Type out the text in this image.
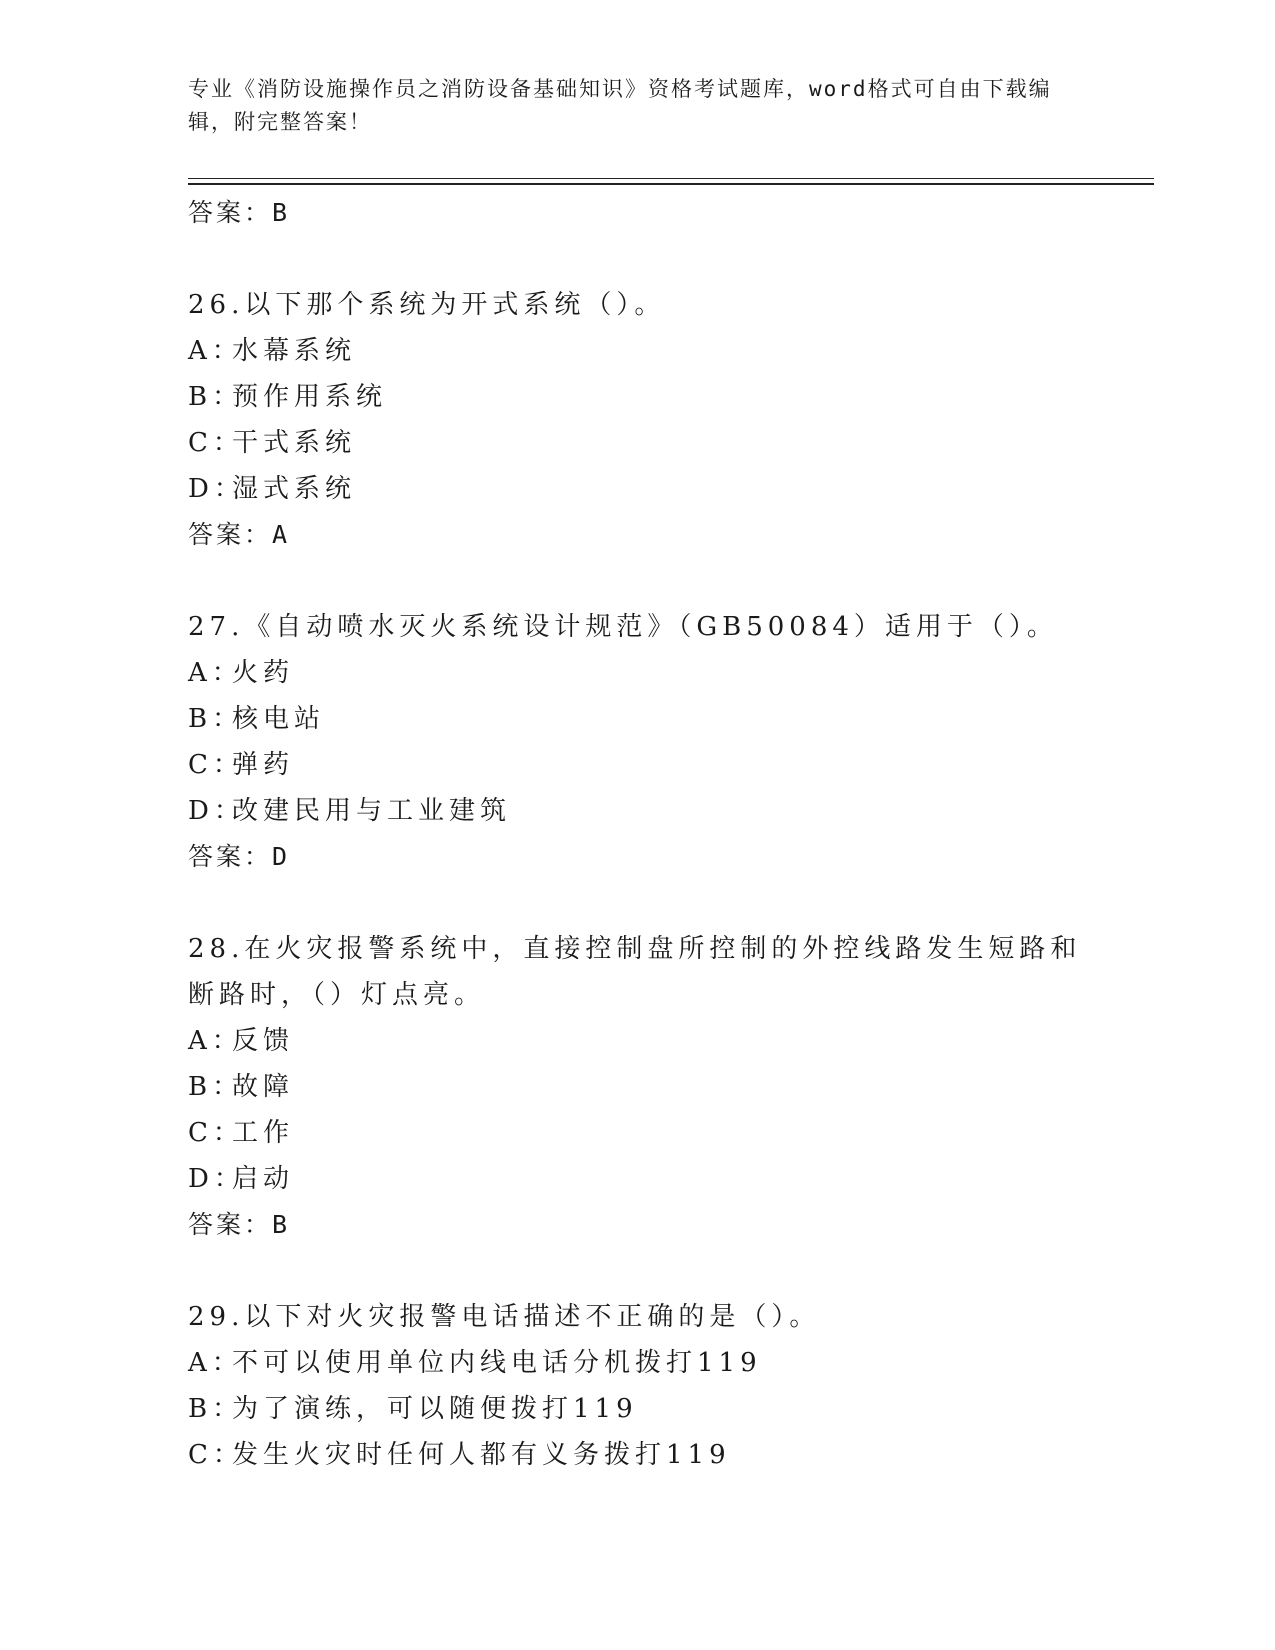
专业《消防设施操作员之消防设备基础知识》资格考试题库，word格式可自由下载编辑，附完整答案！
答案：B
26.以下那个系统为开式系统（）。
A：水幕系统
B：预作用系统
C：干式系统
D：湿式系统
答案：A
27.《自动喷水灭火系统设计规范》（GB50084）适用于（）。
A：火药
B：核电站
C：弹药
D：改建民用与工业建筑
答案：D
28.在火灾报警系统中，直接控制盘所控制的外控线路发生短路和断路时，（）灯点亮。
A：反馈
B：故障
C：工作
D：启动
答案：B
29.以下对火灾报警电话描述不正确的是（）。
A：不可以使用单位内线电话分机拨打119
B：为了演练，可以随便拨打119
C：发生火灾时任何人都有义务拨打119
